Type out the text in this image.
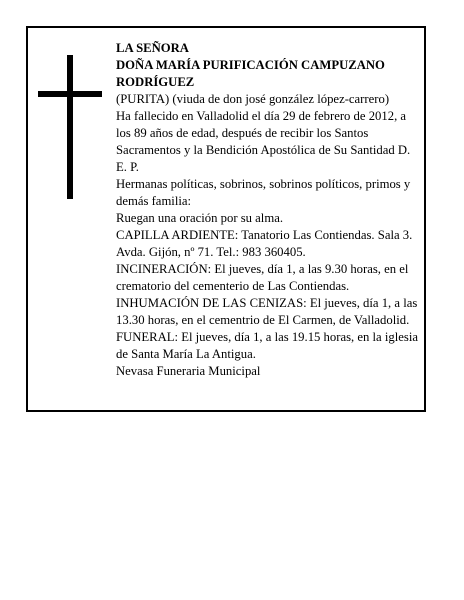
LA SEÑORA

DOÑA MARÍA PURIFICACIÓN CAMPUZANO RODRÍGUEZ

(PURITA) (viuda de don josé gonzález lópez-carrero)

Ha fallecido en Valladolid el día 29 de febrero de 2012, a los 89 años de edad, después de recibir los Santos Sacramentos y la Bendición Apostólica de Su Santidad D. E. P.

Hermanas políticas, sobrinos, sobrinos políticos, primos y demás familia:

Ruegan una oración por su alma.

CAPILLA ARDIENTE: Tanatorio Las Contiendas. Sala 3. Avda. Gijón, nº 71. Tel.: 983 360405.

INCINERACIÓN: El jueves, día 1, a las 9.30 horas, en el crematorio del cementerio de Las Contiendas.

INHUMACIÓN DE LAS CENIZAS: El jueves, día 1, a las 13.30 horas, en el cementrio de El Carmen, de Valladolid.

FUNERAL: El jueves, día 1, a las 19.15 horas, en la iglesia de Santa María La Antigua.

Nevasa Funeraria Municipal
